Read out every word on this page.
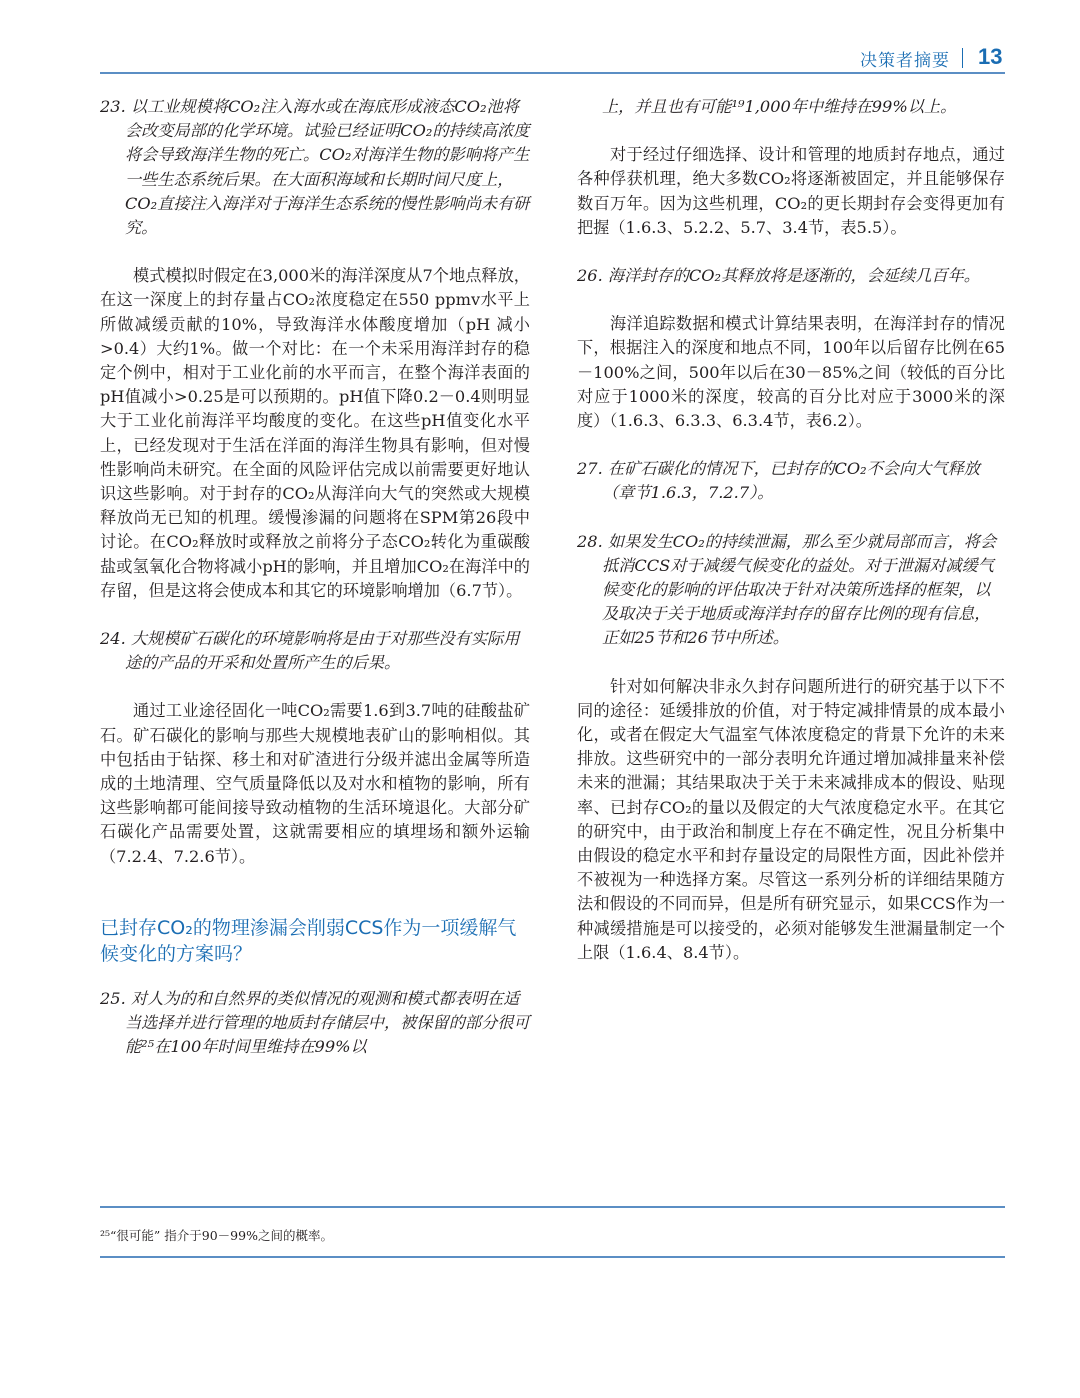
决策者摘要 13

23. 以工业规模将CO₂注入海水或在海底形成液态CO₂池将会改变局部的化学环境。试验已经证明CO₂的持续高浓度将会导致海洋生物的死亡。CO₂对海洋生物的影响将产生一些生态系统后果。在大面积海域和长期时间尺度上，CO₂直接注入海洋对于海洋生态系统的慢性影响尚未有研究。

模式模拟时假定在3,000米的海洋深度从7个地点释放，在这一深度上的封存量占CO₂浓度稳定在550 ppmv水平上所做减缓贡献的10%，导致海洋水体酸度增加（pH 减小>0.4）大约1%。做一个对比：在一个未采用海洋封存的稳定个例中，相对于工业化前的水平而言，在整个海洋表面的pH值减小>0.25是可以预期的。pH值下降0.2－0.4则明显大于工业化前海洋平均酸度的变化。在这些pH值变化水平上，已经发现对于生活在洋面的海洋生物具有影响，但对慢性影响尚未研究。在全面的风险评估完成以前需要更好地认识这些影响。对于封存的CO₂从海洋向大气的突然或大规模释放尚无已知的机理。缓慢渗漏的问题将在SPM第26段中讨论。在CO₂释放时或释放之前将分子态CO₂转化为重碳酸盐或氢氧化合物将减小pH的影响，并且增加CO₂在海洋中的存留，但是这将会使成本和其它的环境影响增加（6.7节）。

24. 大规模矿石碳化的环境影响将是由于对那些没有实际用途的产品的开采和处置所产生的后果。

通过工业途径固化一吨CO₂需要1.6到3.7吨的硅酸盐矿石。矿石碳化的影响与那些大规模地表矿山的影响相似。其中包括由于钻探、移土和对矿渣进行分级并滤出金属等所造成的土地清理、空气质量降低以及对水和植物的影响，所有这些影响都可能间接导致动植物的生活环境退化。大部分矿石碳化产品需要处置，这就需要相应的填埋场和额外运输（7.2.4、7.2.6节）。

已封存CO₂的物理渗漏会削弱CCS作为一项缓解气候变化的方案吗？

25. 对人为的和自然界的类似情况的观测和模式都表明在适当选择并进行管理的地质封存储层中，被保留的部分很可能²⁵在100年时间里维持在99%以

上，并且也有可能¹⁹1,000年中维持在99%以上。

对于经过仔细选择、设计和管理的地质封存地点，通过各种俘获机理，绝大多数CO₂将逐渐被固定，并且能够保存数百万年。因为这些机理，CO₂的更长期封存会变得更加有把握（1.6.3、5.2.2、5.7、3.4节，表5.5）。

26. 海洋封存的CO₂其释放将是逐渐的，会延续几百年。

海洋追踪数据和模式计算结果表明，在海洋封存的情况下，根据注入的深度和地点不同，100年以后留存比例在65－100%之间，500年以后在30－85%之间（较低的百分比对应于1000米的深度，较高的百分比对应于3000米的深度）（1.6.3、6.3.3、6.3.4节，表6.2）。

27. 在矿石碳化的情况下，已封存的CO₂不会向大气释放（章节1.6.3，7.2.7）。

28. 如果发生CO₂的持续泄漏，那么至少就局部而言，将会抵消CCS对于减缓气候变化的益处。对于泄漏对减缓气候变化的影响的评估取决于针对决策所选择的框架，以及取决于关于地质或海洋封存的留存比例的现有信息，正如25节和26节中所述。

针对如何解决非永久封存问题所进行的研究基于以下不同的途径：延缓排放的价值，对于特定减排情景的成本最小化，或者在假定大气温室气体浓度稳定的背景下允许的未来排放。这些研究中的一部分表明允许通过增加减排量来补偿未来的泄漏；其结果取决于关于未来减排成本的假设、贴现率、已封存CO₂的量以及假定的大气浓度稳定水平。在其它的研究中，由于政治和制度上存在不确定性，况且分析集中由假设的稳定水平和封存量设定的局限性方面，因此补偿并不被视为一种选择方案。尽管这一系列分析的详细结果随方法和假设的不同而异，但是所有研究显示，如果CCS作为一种减缓措施是可以接受的，必须对能够发生泄漏量制定一个上限（1.6.4、8.4节）。

²⁵“很可能” 指介于90－99%之间的概率。
